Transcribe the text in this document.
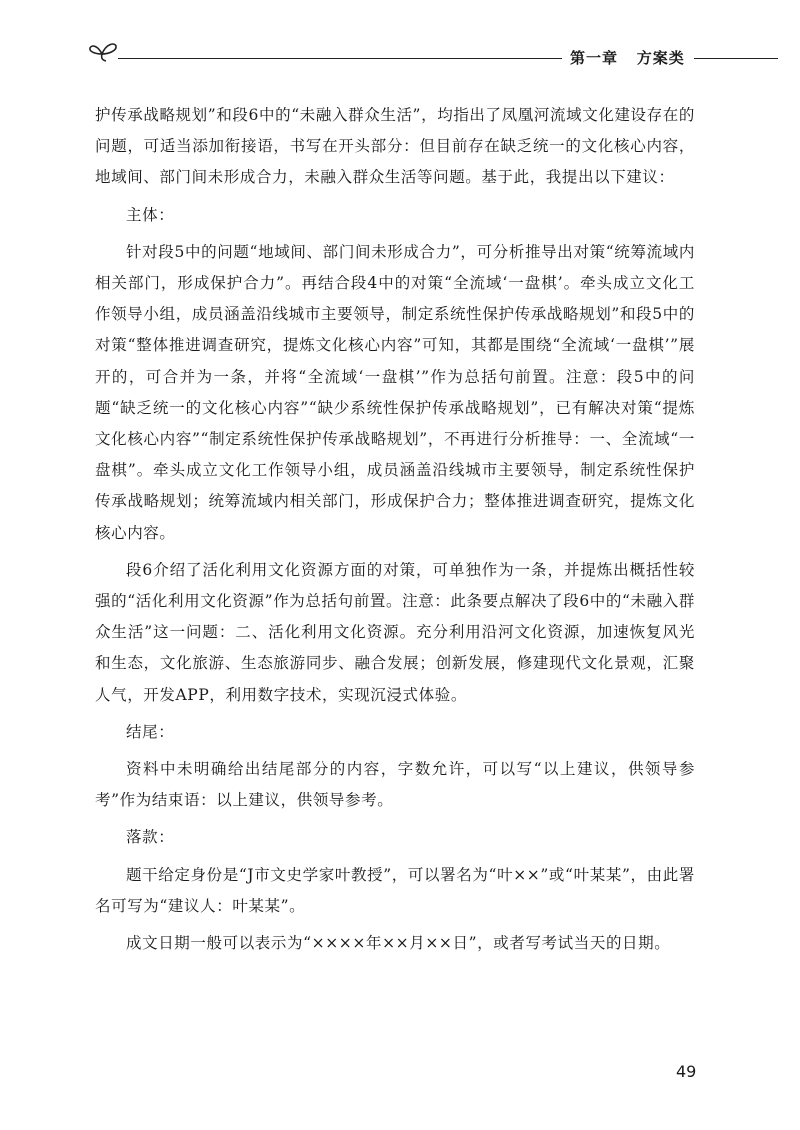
第一章 方案类

护传承战略规划”和段6中的“未融入群众生活”，均指出了凤凰河流域文化建设存在的问题，可适当添加衔接语，书写在开头部分：但目前存在缺乏统一的文化核心内容，地域间、部门间未形成合力，未融入群众生活等问题。基于此，我提出以下建议：

主体：

针对段5中的问题“地域间、部门间未形成合力”，可分析推导出对策“统筹流域内相关部门，形成保护合力”。再结合段4中的对策“全流域‘一盘棋’。牵头成立文化工作领导小组，成员涵盖沿线城市主要领导，制定系统性保护传承战略规划”和段5中的对策“整体推进调查研究，提炼文化核心内容”可知，其都是围绕“全流域‘一盘棋’”展开的，可合并为一条，并将“全流域‘一盘棋’”作为总括句前置。注意：段5中的问题“缺乏统一的文化核心内容”“缺少系统性保护传承战略规划”，已有解决对策“提炼文化核心内容”“制定系统性保护传承战略规划”，不再进行分析推导：一、全流域“一盘棋”。牵头成立文化工作领导小组，成员涵盖沿线城市主要领导，制定系统性保护传承战略规划；统筹流域内相关部门，形成保护合力；整体推进调查研究，提炼文化核心内容。

段6介绍了活化利用文化资源方面的对策，可单独作为一条，并提炼出概括性较强的“活化利用文化资源”作为总括句前置。注意：此条要点解决了段6中的“未融入群众生活”这一问题：二、活化利用文化资源。充分利用沿河文化资源，加速恢复风光和生态，文化旅游、生态旅游同步、融合发展；创新发展，修建现代文化景观，汇聚人气，开发APP，利用数字技术，实现沉浸式体验。

结尾：

资料中未明确给出结尾部分的内容，字数允许，可以写“以上建议，供领导参考”作为结束语：以上建议，供领导参考。

落款：

题干给定身份是“J市文史学家叶教授”，可以署名为“叶××”或“叶某某”，由此署名可写为“建议人：叶某某”。

成文日期一般可以表示为“××××年××月××日”，或者写考试当天的日期。

49
